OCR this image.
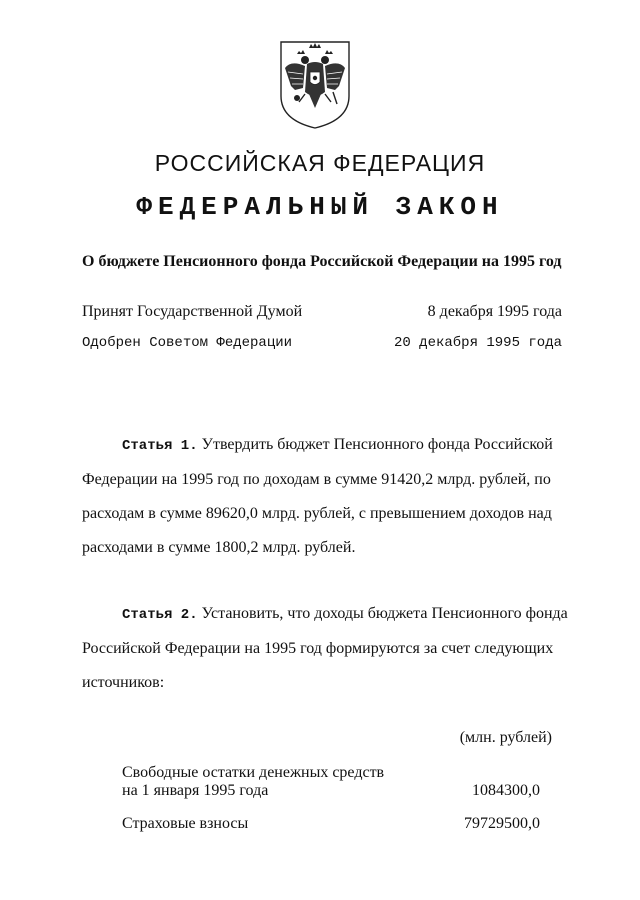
РОССИЙСКАЯ ФЕДЕРАЦИЯ
ФЕДЕРАЛЬНЫЙ ЗАКОН
О бюджете Пенсионного фонда Российской Федерации на 1995 год
Принят Государственной Думой	8 декабря 1995 года
Одобрен Советом Федерации	20 декабря 1995 года
Статья 1. Утвердить бюджет Пенсионного фонда Российской
Федерации на 1995 год по доходам в сумме 91420,2 млрд. рублей, по
расходам в сумме 89620,0 млрд. рублей, с превышением доходов над
расходами в сумме 1800,2 млрд. рублей.
Статья 2. Установить, что доходы бюджета Пенсионного фонда
Российской Федерации на 1995 год формируются за счет следующих
источников:
(млн. рублей)
Свободные остатки денежных средств
на 1 января 1995 года	1084300,0
Страховые взносы	79729500,0
